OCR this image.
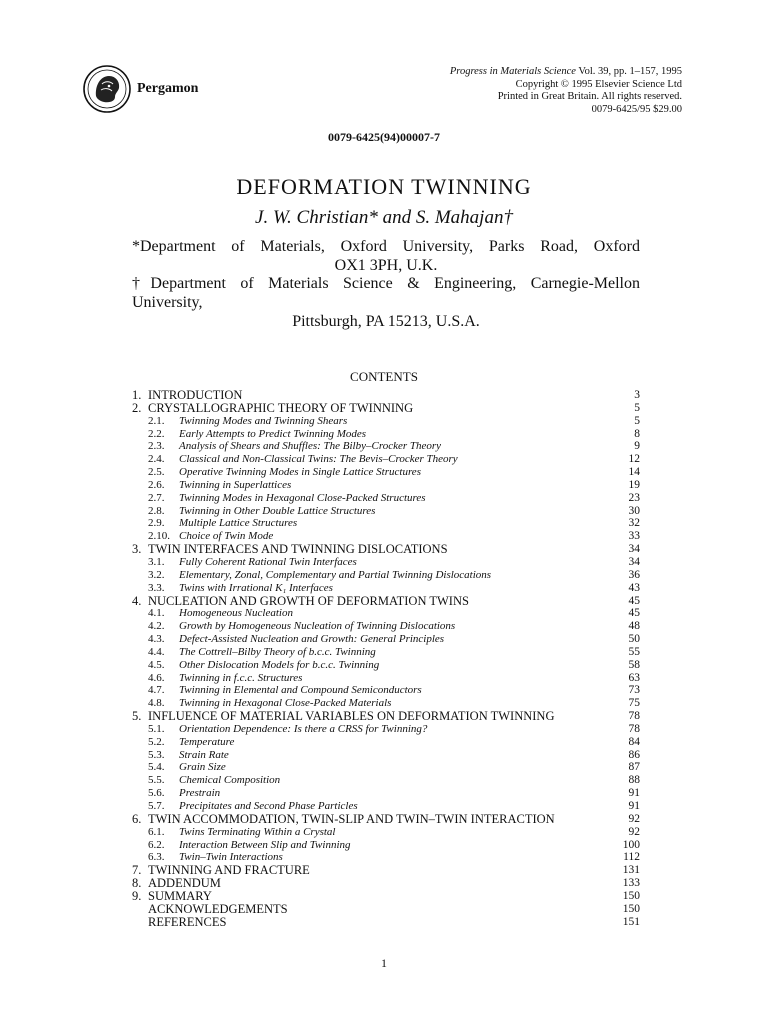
Pergamon
Progress in Materials Science Vol. 39, pp. 1–157, 1995
Copyright © 1995 Elsevier Science Ltd
Printed in Great Britain. All rights reserved.
0079-6425/95 $29.00
0079-6425(94)00007-7
DEFORMATION TWINNING
J. W. Christian* and S. Mahajan†
*Department of Materials, Oxford University, Parks Road, Oxford
OX1 3PH, U.K.
†Department of Materials Science & Engineering, Carnegie-Mellon University,
Pittsburgh, PA 15213, U.S.A.
CONTENTS
1. INTRODUCTION	3
2. CRYSTALLOGRAPHIC THEORY OF TWINNING	5
2.1. Twinning Modes and Twinning Shears	5
2.2. Early Attempts to Predict Twinning Modes	8
2.3. Analysis of Shears and Shuffles: The Bilby–Crocker Theory	9
2.4. Classical and Non-Classical Twins: The Bevis–Crocker Theory	12
2.5. Operative Twinning Modes in Single Lattice Structures	14
2.6. Twinning in Superlattices	19
2.7. Twinning Modes in Hexagonal Close-Packed Structures	23
2.8. Twinning in Other Double Lattice Structures	30
2.9. Multiple Lattice Structures	32
2.10. Choice of Twin Mode	33
3. TWIN INTERFACES AND TWINNING DISLOCATIONS	34
3.1. Fully Coherent Rational Twin Interfaces	34
3.2. Elementary, Zonal, Complementary and Partial Twinning Dislocations	36
3.3. Twins with Irrational K₁ Interfaces	43
4. NUCLEATION AND GROWTH OF DEFORMATION TWINS	45
4.1. Homogeneous Nucleation	45
4.2. Growth by Homogeneous Nucleation of Twinning Dislocations	48
4.3. Defect-Assisted Nucleation and Growth: General Principles	50
4.4. The Cottrell–Bilby Theory of b.c.c. Twinning	55
4.5. Other Dislocation Models for b.c.c. Twinning	58
4.6. Twinning in f.c.c. Structures	63
4.7. Twinning in Elemental and Compound Semiconductors	73
4.8. Twinning in Hexagonal Close-Packed Materials	75
5. INFLUENCE OF MATERIAL VARIABLES ON DEFORMATION TWINNING	78
5.1. Orientation Dependence: Is there a CRSS for Twinning?	78
5.2. Temperature	84
5.3. Strain Rate	86
5.4. Grain Size	87
5.5. Chemical Composition	88
5.6. Prestrain	91
5.7. Precipitates and Second Phase Particles	91
6. TWIN ACCOMMODATION, TWIN-SLIP AND TWIN–TWIN INTERACTION	92
6.1. Twins Terminating Within a Crystal	92
6.2. Interaction Between Slip and Twinning	100
6.3. Twin–Twin Interactions	112
7. TWINNING AND FRACTURE	131
8. ADDENDUM	133
9. SUMMARY	150
ACKNOWLEDGEMENTS	150
REFERENCES	151
1
